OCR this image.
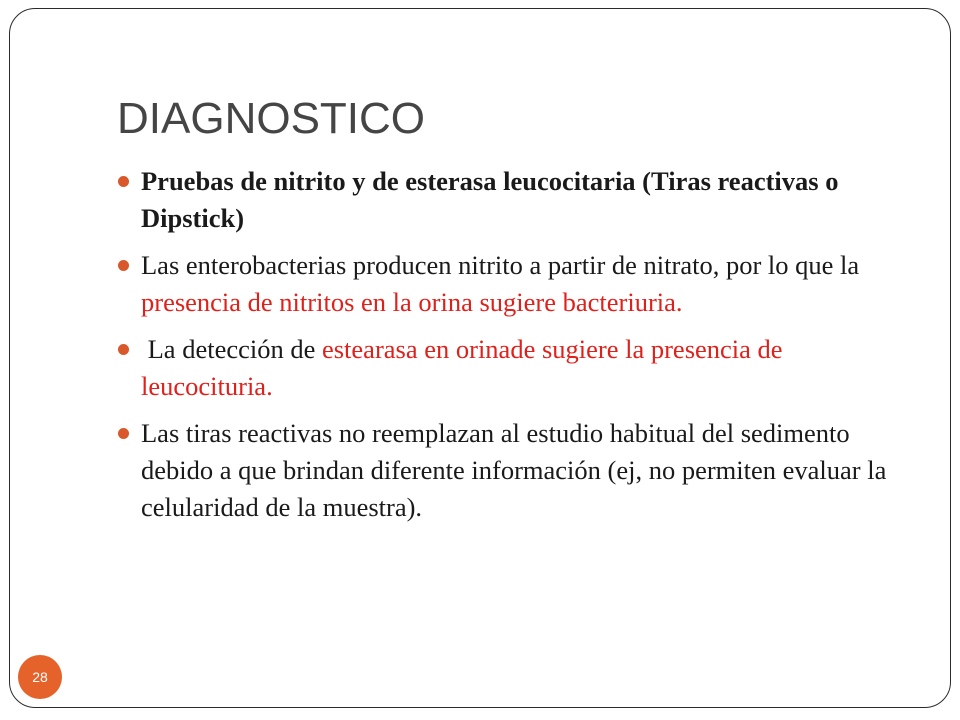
DIAGNOSTICO
Pruebas de nitrito y de esterasa leucocitaria (Tiras reactivas o Dipstick)
Las enterobacterias producen nitrito a partir de nitrato, por lo que la presencia de nitritos en la orina sugiere bacteriuria.
La detección de estearasa en orinade sugiere la presencia de leucocituria.
Las tiras reactivas no reemplazan al estudio habitual del sedimento debido a que brindan diferente información (ej, no permiten evaluar la celularidad de la muestra).
28
